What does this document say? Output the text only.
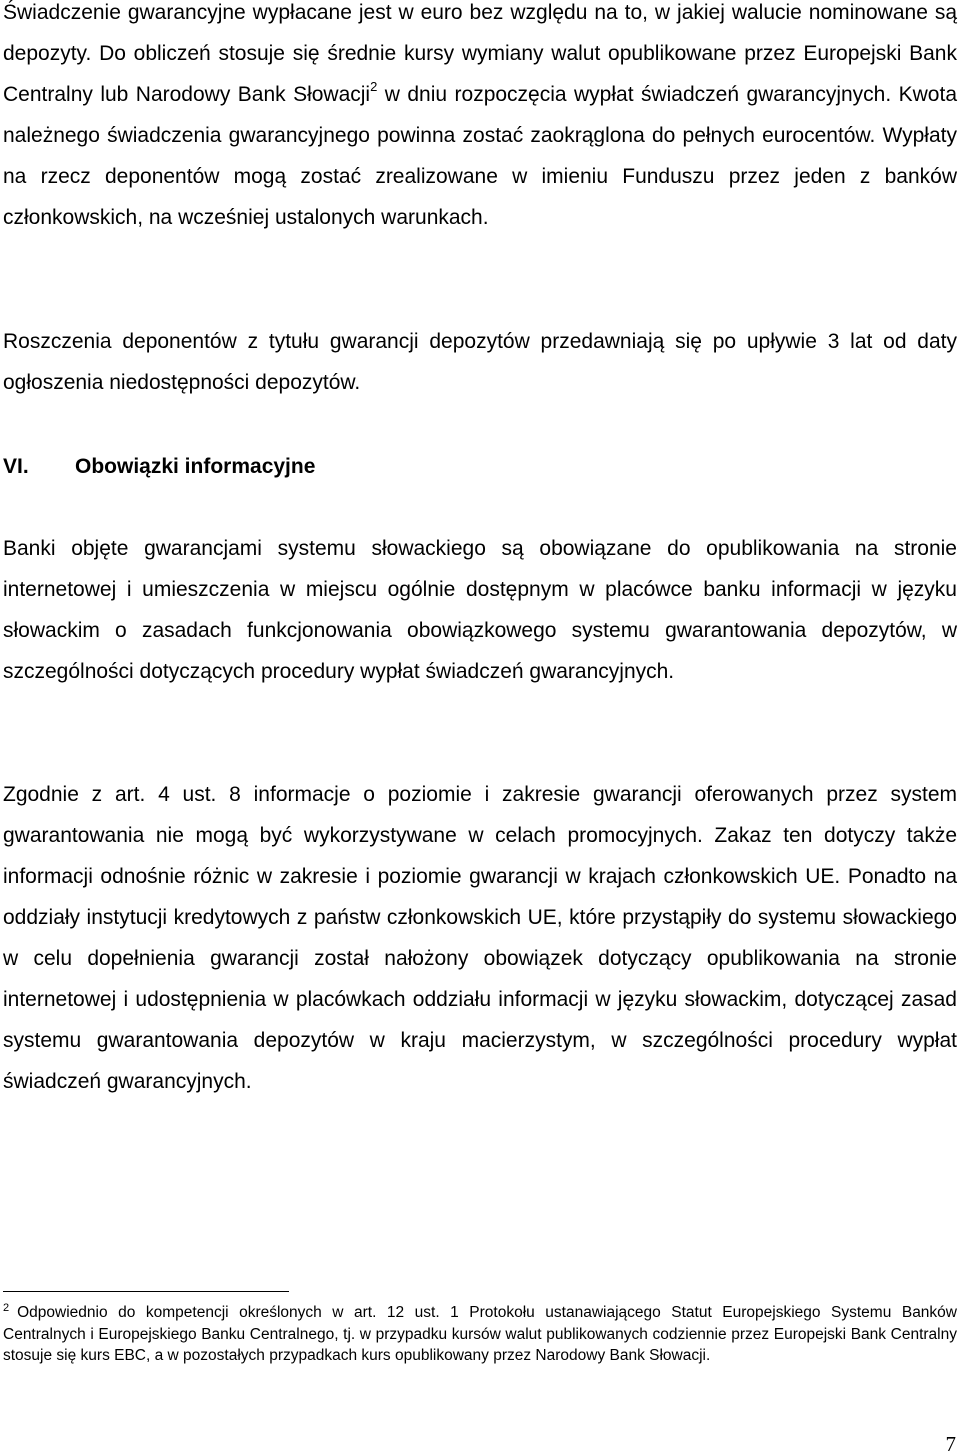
Świadczenie gwarancyjne wypłacane jest w euro bez względu na to, w jakiej walucie nominowane są depozyty. Do obliczeń stosuje się średnie kursy wymiany walut opublikowane przez Europejski Bank Centralny lub Narodowy Bank Słowacji$^2$ w dniu rozpoczęcia wypłat świadczeń gwarancyjnych. Kwota należnego świadczenia gwarancyjnego powinna zostać zaokrąglona do pełnych eurocentów. Wypłaty na rzecz deponentów mogą zostać zrealizowane w imieniu Funduszu przez jeden z banków członkowskich, na wcześniej ustalonych warunkach.

Roszczenia deponentów z tytułu gwarancji depozytów przedawniają się po upływie 3 lat od daty ogłoszenia niedostępności depozytów.

VI. Obowiązki informacyjne

Banki objęte gwarancjami systemu słowackiego są obowiązane do opublikowania na stronie internetowej i umieszczenia w miejscu ogólnie dostępnym w placówce banku informacji w języku słowackim o zasadach funkcjonowania obowiązkowego systemu gwarantowania depozytów, w szczególności dotyczących procedury wypłat świadczeń gwarancyjnych.

Zgodnie z art. 4 ust. 8 informacje o poziomie i zakresie gwarancji oferowanych przez system gwarantowania nie mogą być wykorzystywane w celach promocyjnych. Zakaz ten dotyczy także informacji odnośnie różnic w zakresie i poziomie gwarancji w krajach członkowskich UE. Ponadto na oddziały instytucji kredytowych z państw członkowskich UE, które przystąpiły do systemu słowackiego w celu dopełnienia gwarancji został nałożony obowiązek dotyczący opublikowania na stronie internetowej i udostępnienia w placówkach oddziału informacji w języku słowackim, dotyczącej zasad systemu gwarantowania depozytów w kraju macierzystym, w szczególności procedury wypłat świadczeń gwarancyjnych.

$^2$ Odpowiednio do kompetencji określonych w art. 12 ust. 1 Protokołu ustanawiającego Statut Europejskiego Systemu Banków Centralnych i Europejskiego Banku Centralnego, tj. w przypadku kursów walut publikowanych codziennie przez Europejski Bank Centralny stosuje się kurs EBC, a w pozostałych przypadkach kurs opublikowany przez Narodowy Bank Słowacji.

7
